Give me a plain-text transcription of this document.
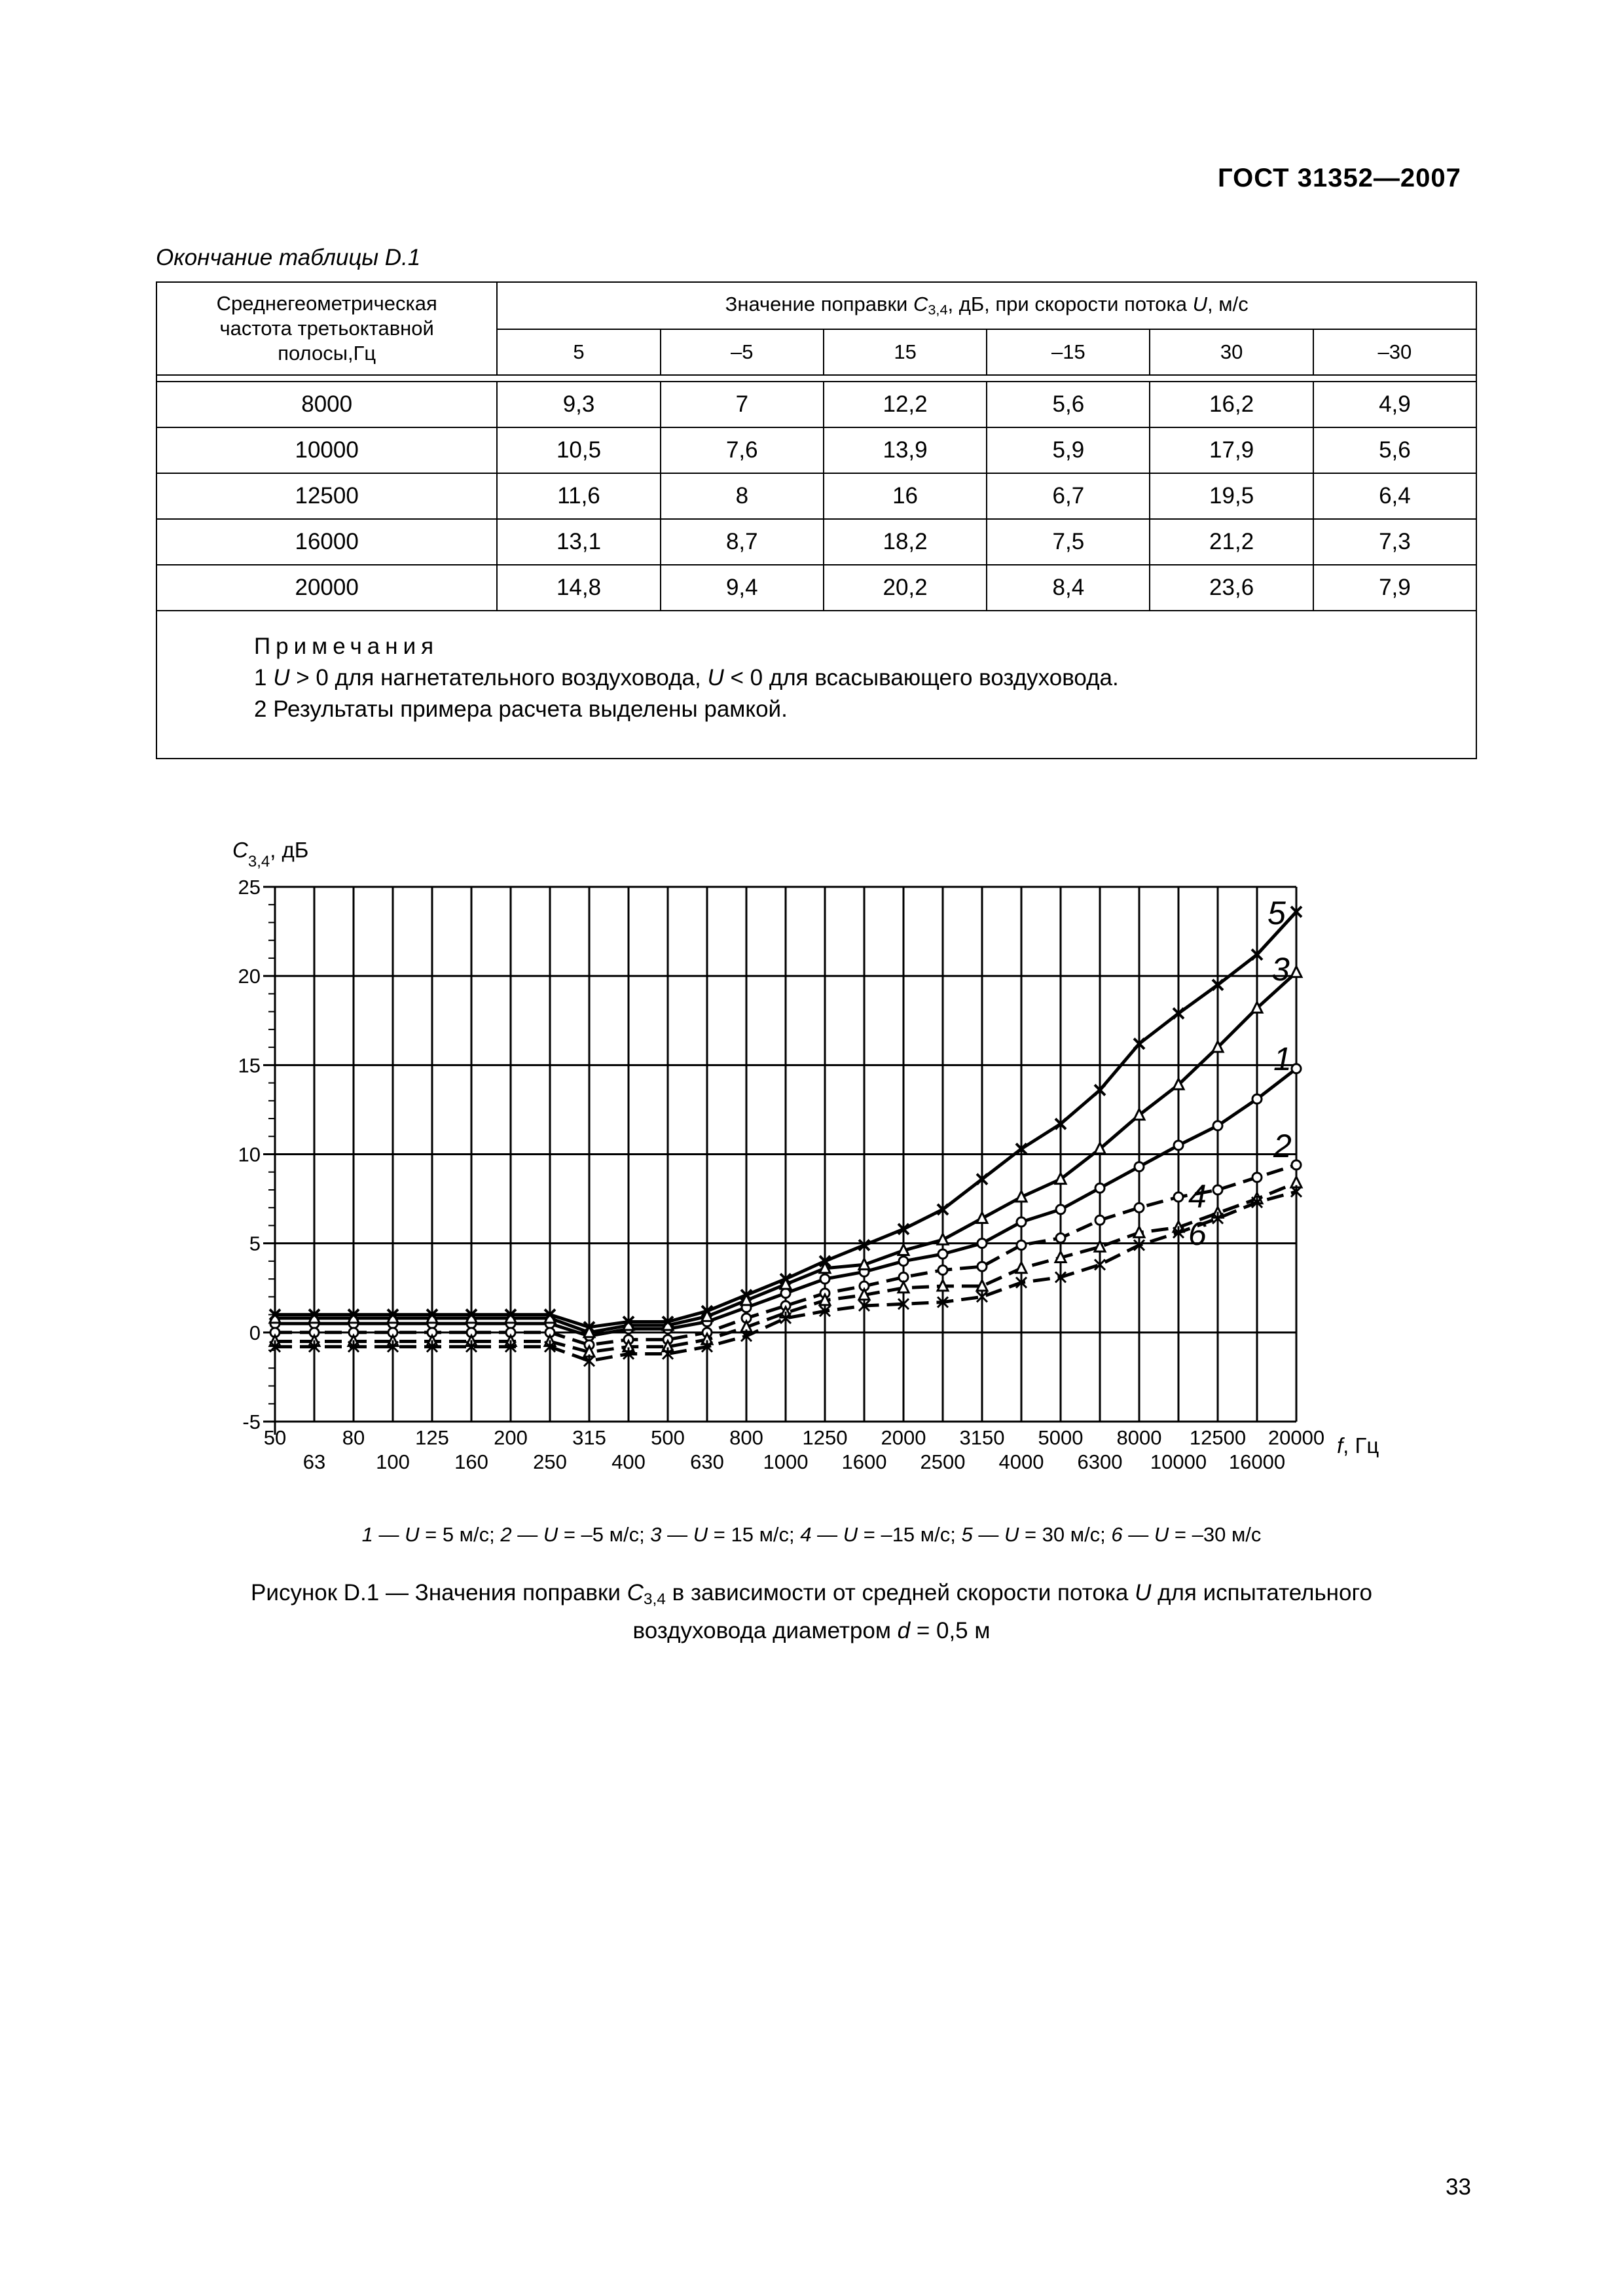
ГОСТ 31352—2007
Окончание таблицы D.1
Среднегеометрическая
частота третьоктавной
полосы,Гц	Значение поправки $C_{3,4}$, дБ, при скорости потока U, м/с					
	5	–5	15	–15	30	–30

8000	9,3	7	12,2	5,6	16,2	4,9
10000	10,5	7,6	13,9	5,9	17,9	5,6
12500	11,6	8	16	6,7	19,5	6,4
16000	13,1	8,7	18,2	7,5	21,2	7,3
20000	14,8	9,4	20,2	8,4	23,6	7,9
Примечания
1 U > 0 для нагнетательного воздуховода, U < 0 для всасывающего воздуховода.
2 Результаты примера расчета выделены рамкой.						
25
20
15
10
5
0
-5
50	80 125 200 315 500 800 1250 2000 3150 5000 8000 12500 20000
63 100 160 250 400 630 1000 1600 2500 4000 6300 10000 16000
1
2
3
4
5
6
$C_{3,4}$, дБ
f, Гц
1 — U = 5 м/с; 2 — U = –5 м/с; 3 — U = 15 м/с; 4 — U = –15 м/с; 5 — U = 30 м/с; 6 — U = –30 м/с
Рисунок D.1 — Значения поправки $C_{3,4}$ в зависимости от средней скорости потока U для испытательного
воздуховода диаметром d = 0,5 м
33
